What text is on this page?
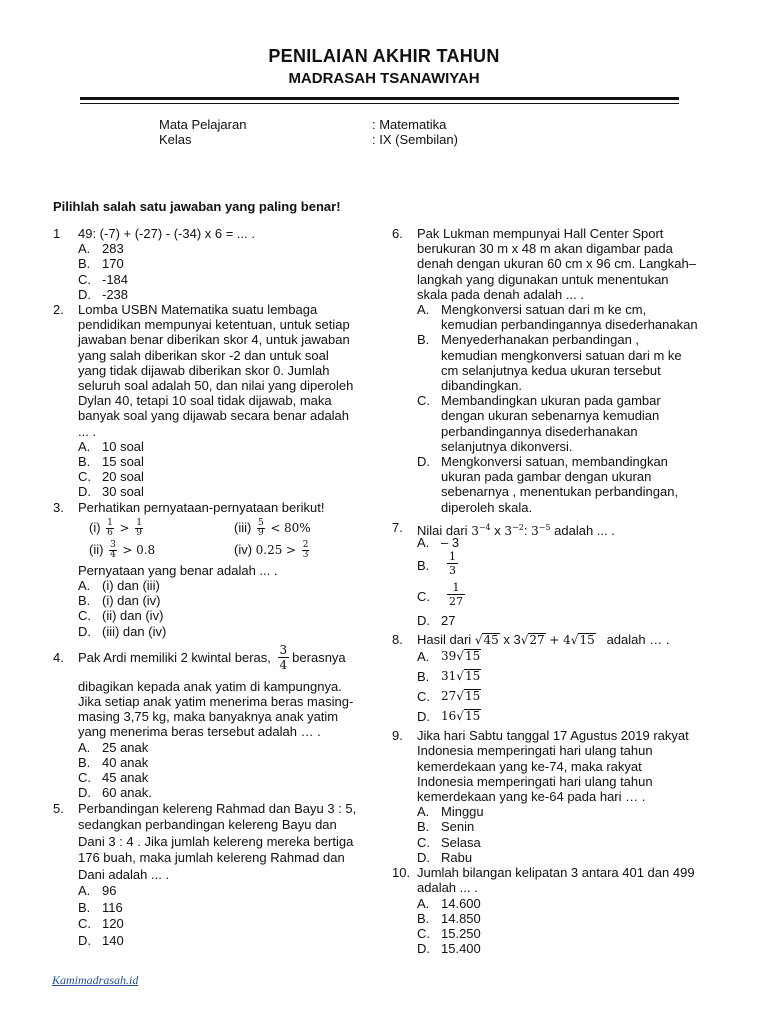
PENILAIAN AKHIR TAHUN
MADRASAH TSANAWIYAH
Mata Pelajaran	: Matematika
Kelas	: IX (Sembilan)
Pilihlah salah satu jawaban yang paling benar!
1	49: (-7) + (-27) - (-34) x 6 = ... .
A. 283
B. 170
C. -184
D. -238
2. Lomba USBN Matematika suatu lembaga
pendidikan mempunyai ketentuan, untuk setiap
jawaban benar diberikan skor 4, untuk jawaban
yang salah diberikan skor -2 dan untuk soal
yang tidak dijawab diberikan skor 0. Jumlah
seluruh soal adalah 50, dan nilai yang diperoleh
Dylan 40, tetapi 10 soal tidak dijawab, maka
banyak soal yang dijawab secara benar adalah
... .
A. 10 soal
B. 15 soal
C. 20 soal
D. 30 soal
3.	Perhatikan pernyataan-pernyataan berikut!
$(i) \frac{1}{6} > \frac{1}{9}$	$(iii) \frac{5}{9} < 80\%$
$(ii) \frac{3}{4} > 0.8$	(iv) $0.25 > \frac{2}{3}$
Pernyataan yang benar adalah ... .
A. (i) dan (iii)
B. (i) dan (iv)
C. (ii) dan (iv)
D. (iii) dan (iv)
4.	Pak Ardi memiliki 2 kwintal beras, $\frac{3}{4}$ berasnya
dibagikan kepada anak yatim di kampungnya.
Jika setiap anak yatim menerima beras masing-
masing 3,75 kg, maka banyaknya anak yatim
yang menerima beras tersebut adalah … .
A. 25 anak
B. 40 anak
C. 45 anak
D. 60 anak.
5. Perbandingan kelereng Rahmad dan Bayu 3 : 5,
sedangkan perbandingan kelereng Bayu dan
Dani 3 : 4 . Jika jumlah kelereng mereka bertiga
176 buah, maka jumlah kelereng Rahmad dan
Dani adalah ... .
A. 96
B. 116
C. 120
D. 140
6. Pak Lukman mempunyai Hall Center Sport
berukuran 30 m x 48 m akan digambar pada
denah dengan ukuran 60 cm x 96 cm. Langkah–
langkah yang digunakan untuk menentukan
skala pada denah adalah ... .
A. Mengkonversi satuan dari m ke cm,
kemudian perbandingannya disederhanakan
B. Menyederhanakan perbandingan ,
kemudian mengkonversi satuan dari m ke
cm selanjutnya kedua ukuran tersebut
dibandingkan.
C. Membandingkan ukuran pada gambar
dengan ukuran sebenarnya kemudian
perbandingannya disederhanakan
selanjutnya dikonversi.
D. Mengkonversi satuan, membandingkan
ukuran pada gambar dengan ukuran
sebenarnya , menentukan perbandingan,
diperoleh skala.
7.	Nilai dari $3^{-4}$ x $3^{-2}$: $3^{-5}$ adalah ... .
A. – 3
B. $\frac{1}{3}$
C. $\frac{1}{27}$
D. 27
8.	Hasil dari √45 x 3√27 + 4√15 adalah … .
A. 39√15
B. 31√15
C. 27√15
D. 16√15
9. Jika hari Sabtu tanggal 17 Agustus 2019 rakyat
Indonesia memperingati hari ulang tahun
kemerdekaan yang ke-74, maka rakyat
Indonesia memperingati hari ulang tahun
kemerdekaan yang ke-64 pada hari … .
A. Minggu
B. Senin
C. Selasa
D. Rabu
10. Jumlah bilangan kelipatan 3 antara 401 dan 499
adalah ... .
A. 14.600
B. 14.850
C. 15.250
D. 15.400
Kamimadrasah.id
